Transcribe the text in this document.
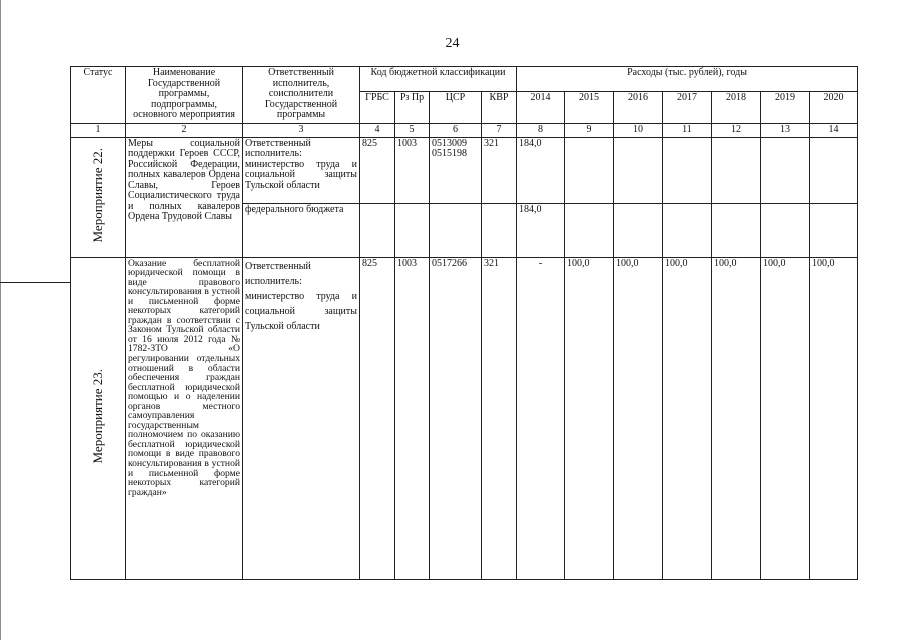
24
Статус	Наименование Государственной программы, подпрограммы, основного мероприятия	Ответственный исполнитель, соисполнители Государственной программы	Код бюджетной классификации				Расходы (тыс. рублей), годы						
			ГРБС	Рз Пр	ЦСР	КВР	2014	2015	2016	2017	2018	2019	2020
1	2	3	4	5	6	7	8	9	10	11	12	13	14
Мероприятие 22.	Меры социальной поддержки Героев СССР, Российской Федерации, полных кавалеров Ордена Славы, Героев Социалистического труда и полных кавалеров Ордена Трудовой Славы	Ответственный исполнитель: министерство труда и социальной защиты Тульской области	825	1003	0513009 0515198	321	184,0						
		федерального бюджета					184,0						
Мероприятие 23.	Оказание бесплатной юридической помощи в виде правового консультирования в устной и письменной форме некоторых категорий граждан в соответствии с Законом Тульской области от 16 июля 2012 года № 1782-ЗТО «О регулировании отдельных отношений в области обеспечения граждан бесплатной юридической помощью и о наделении органов местного самоуправления государственным полномочием по оказанию бесплатной юридической помощи в виде правового консультирования в устной и письменной форме некоторых категорий граждан»	Ответственный исполнитель: министерство труда и социальной защиты Тульской области	825	1003	0517266	321	-	100,0	100,0	100,0	100,0	100,0	100,0
